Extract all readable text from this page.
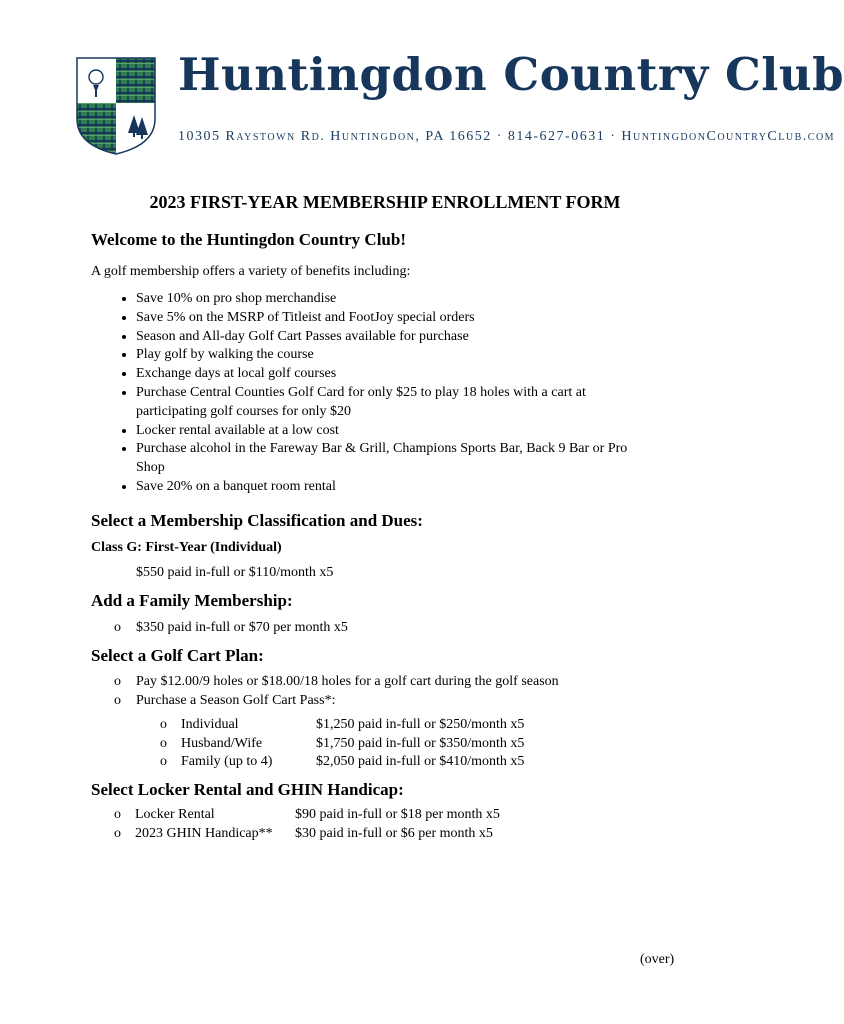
Huntingdon Country Club
10305 Raystown Rd. Huntingdon, PA 16652 · 814-627-0631 · HuntingdonCountryClub.com
2023 FIRST-YEAR MEMBERSHIP ENROLLMENT FORM
Welcome to the Huntingdon Country Club!
A golf membership offers a variety of benefits including:
• Save 10% on pro shop merchandise
• Save 5% on the MSRP of Titleist and FootJoy special orders
• Season and All-day Golf Cart Passes available for purchase
• Play golf by walking the course
• Exchange days at local golf courses
• Purchase Central Counties Golf Card for only $25 to play 18 holes with a cart at participating golf courses for only $20
• Locker rental available at a low cost
• Purchase alcohol in the Fareway Bar & Grill, Champions Sports Bar, Back 9 Bar or Pro Shop
• Save 20% on a banquet room rental
Select a Membership Classification and Dues:
Class G: First-Year (Individual)
$550 paid in-full or $110/month x5
Add a Family Membership:
o $350 paid in-full or $70 per month x5
Select a Golf Cart Plan:
o Pay $12.00/9 holes or $18.00/18 holes for a golf cart during the golf season
o Purchase a Season Golf Cart Pass*:
o Individual	$1,250 paid in-full or $250/month x5
o Husband/Wife	$1,750 paid in-full or $350/month x5
o Family (up to 4)	$2,050 paid in-full or $410/month x5
Select Locker Rental and GHIN Handicap:
o Locker Rental	$90 paid in-full or $18 per month x5
o 2023 GHIN Handicap** $30 paid in-full or $6 per month x5
(over)
